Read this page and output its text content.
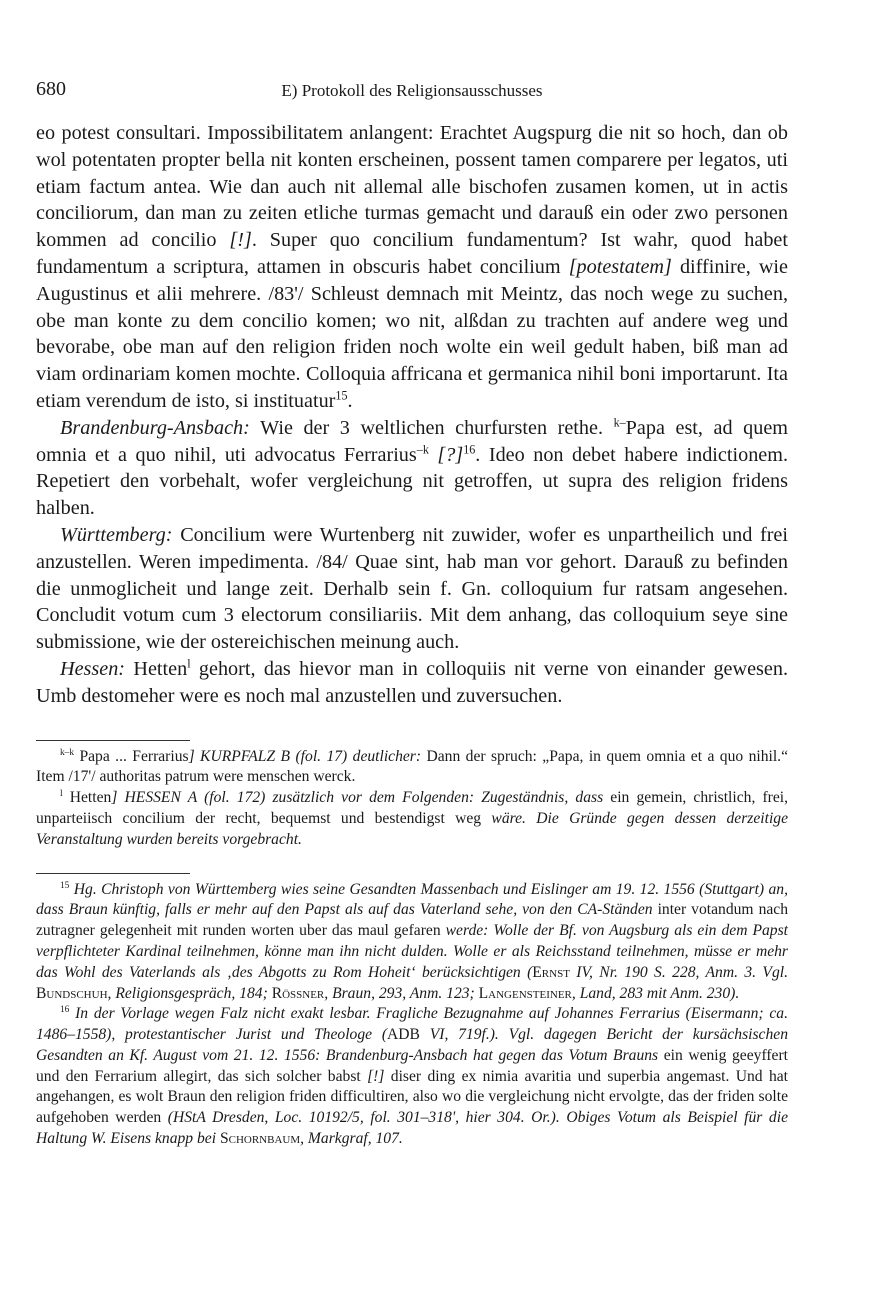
680	E) Protokoll des Religionsausschusses

eo potest consultari. Impossibilitatem anlangent: Erachtet Augspurg die nit so hoch, dan ob wol potentaten propter bella nit konten erscheinen, possent tamen comparere per legatos, uti etiam factum antea. Wie dan auch nit allemal alle bischofen zusamen komen, ut in actis conciliorum, dan man zu zeiten etliche turmas gemacht und darauß ein oder zwo personen kommen ad concilio [!]. Super quo concilium fundamentum? Ist wahr, quod habet fundamentum a scriptura, attamen in obscuris habet concilium [potestatem] diffinire, wie Augustinus et alii mehrere. /83'/ Schleust demnach mit Meintz, das noch wege zu suchen, obe man konte zu dem concilio komen; wo nit, alßdan zu trachten auf andere weg und bevorabe, obe man auf den religion friden noch wolte ein weil gedult haben, biß man ad viam ordinariam komen mochte. Colloquia affricana et germanica nihil boni importarunt. Ita etiam verendum de isto, si instituatur$^{15}$.

Brandenburg-Ansbach: Wie der 3 weltlichen churfursten rethe. $^{k-}$Papa est, ad quem omnia et a quo nihil, uti advocatus Ferrarius$^{-k}$ [?]$^{16}$. Ideo non debet habere indictionem. Repetiert den vorbehalt, wofer vergleichung nit getroffen, ut supra des religion fridens halben.

Württemberg: Concilium were Wurtenberg nit zuwider, wofer es unpartheilich und frei anzustellen. Weren impedimenta. /84/ Quae sint, hab man vor gehort. Darauß zu befinden die unmoglicheit und lange zeit. Derhalb sein f. Gn. colloquium fur ratsam angesehen. Concludit votum cum 3 electorum consiliariis. Mit dem anhang, das colloquium seye sine submissione, wie der ostereichischen meinung auch.

Hessen: Hetten$^l$ gehort, das hievor man in colloquiis nit verne von einander gewesen. Umb destomeher were es noch mal anzustellen und zuversuchen.

$^{k-k}$ Papa ... Ferrarius] KURPFALZ B (fol. 17) deutlicher: Dann der spruch: „Papa, in quem omnia et a quo nihil.“ Item /17'/ authoritas patrum were menschen werck.

$^l$ Hetten] HESSEN A (fol. 172) zusätzlich vor dem Folgenden: Zugeständnis, dass ein gemein, christlich, frei, unparteiisch concilium der recht, bequemst und bestendigst weg wäre. Die Gründe gegen dessen derzeitige Veranstaltung wurden bereits vorgebracht.

$^{15}$ Hg. Christoph von Württemberg wies seine Gesandten Massenbach und Eislinger am 19. 12. 1556 (Stuttgart) an, dass Braun künftig, falls er mehr auf den Papst als auf das Vaterland sehe, von den CA-Ständen inter votandum nach zutragner gelegenheit mit runden worten uber das maul gefaren werde: Wolle der Bf. von Augsburg als ein dem Papst verpflichteter Kardinal teilnehmen, könne man ihn nicht dulden. Wolle er als Reichsstand teilnehmen, müsse er mehr das Wohl des Vaterlands als ‚des Abgotts zu Rom Hoheit‘ berücksichtigen (Ernst IV, Nr. 190 S. 228, Anm. 3. Vgl. Bundschuh, Religionsgespräch, 184; Rössner, Braun, 293, Anm. 123; Langensteiner, Land, 283 mit Anm. 230).

$^{16}$ In der Vorlage wegen Falz nicht exakt lesbar. Fragliche Bezugnahme auf Johannes Ferrarius (Eisermann; ca. 1486–1558), protestantischer Jurist und Theologe (ADB VI, 719f.). Vgl. dagegen Bericht der kursächsischen Gesandten an Kf. August vom 21. 12. 1556: Brandenburg-Ansbach hat gegen das Votum Brauns ein wenig geeyffert und den Ferrarium allegirt, das sich solcher babst [!] diser ding ex nimia avaritia und superbia angemast. Und hat angehangen, es wolt Braun den religion friden difficultiren, also wo die vergleichung nicht ervolgte, das der friden solte aufgehoben werden (HStA Dresden, Loc. 10192/5, fol. 301–318', hier 304. Or.). Obiges Votum als Beispiel für die Haltung W. Eisens knapp bei Schornbaum, Markgraf, 107.
